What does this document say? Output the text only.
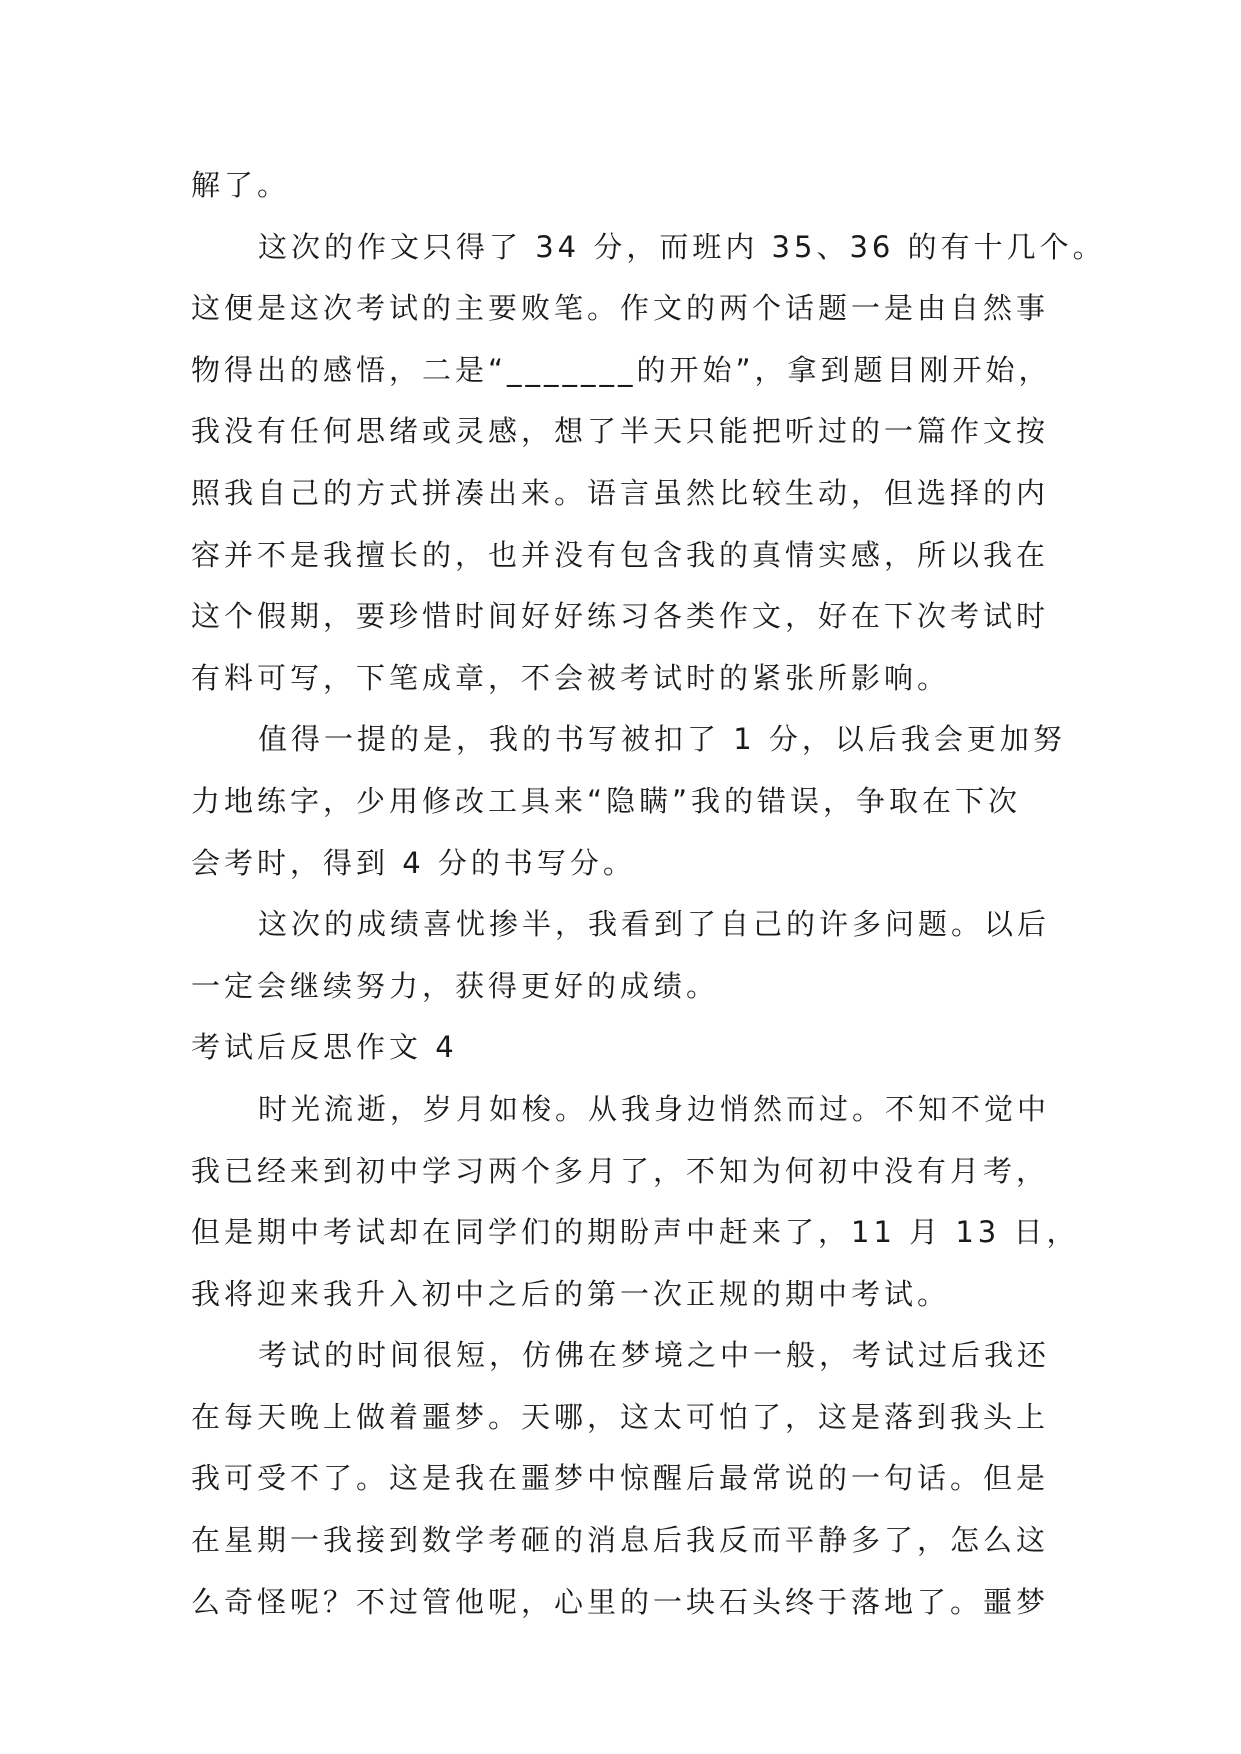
解了。
这次的作文只得了 34 分，而班内 35、36 的有十几个。
这便是这次考试的主要败笔。作文的两个话题一是由自然事
物得出的感悟，二是“_______的开始”，拿到题目刚开始，
我没有任何思绪或灵感，想了半天只能把听过的一篇作文按
照我自己的方式拼凑出来。语言虽然比较生动，但选择的内
容并不是我擅长的，也并没有包含我的真情实感，所以我在
这个假期，要珍惜时间好好练习各类作文，好在下次考试时
有料可写，下笔成章，不会被考试时的紧张所影响。
值得一提的是，我的书写被扣了 1 分，以后我会更加努
力地练字，少用修改工具来“隐瞒”我的错误，争取在下次
会考时，得到 4 分的书写分。
这次的成绩喜忧掺半，我看到了自己的许多问题。以后
一定会继续努力，获得更好的成绩。
考试后反思作文 4
时光流逝，岁月如梭。从我身边悄然而过。不知不觉中
我已经来到初中学习两个多月了，不知为何初中没有月考，
但是期中考试却在同学们的期盼声中赶来了，11 月 13 日，
我将迎来我升入初中之后的第一次正规的期中考试。
考试的时间很短，仿佛在梦境之中一般，考试过后我还
在每天晚上做着噩梦。天哪，这太可怕了，这是落到我头上
我可受不了。这是我在噩梦中惊醒后最常说的一句话。但是
在星期一我接到数学考砸的消息后我反而平静多了，怎么这
么奇怪呢？不过管他呢，心里的一块石头终于落地了。噩梦
